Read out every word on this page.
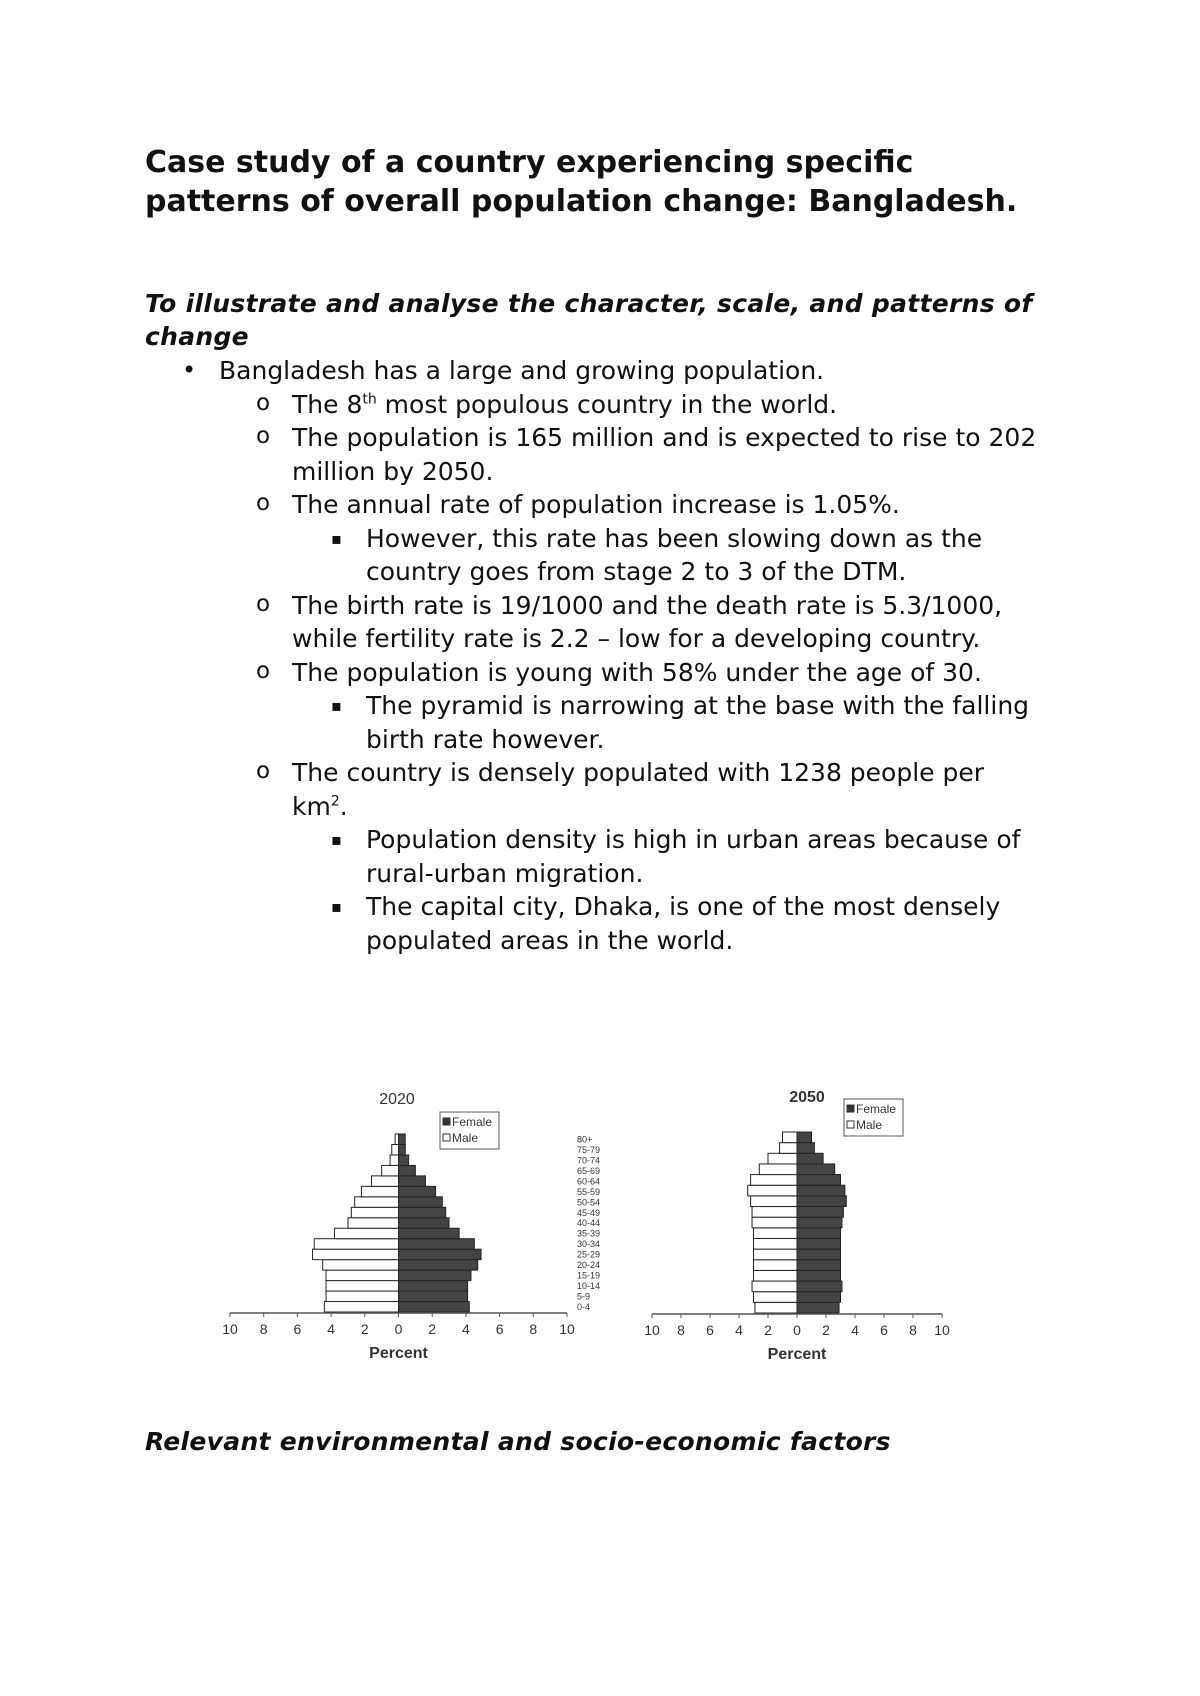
Case study of a country experiencing specific patterns of overall population change: Bangladesh.
To illustrate and analyse the character, scale, and patterns of change
• Bangladesh has a large and growing population.
o The 8th most populous country in the world.
o The population is 165 million and is expected to rise to 202 million by 2050.
o The annual rate of population increase is 1.05%.
▪ However, this rate has been slowing down as the country goes from stage 2 to 3 of the DTM.
o The birth rate is 19/1000 and the death rate is 5.3/1000, while fertility rate is 2.2 – low for a developing country.
o The population is young with 58% under the age of 30.
▪ The pyramid is narrowing at the base with the falling birth rate however.
o The country is densely populated with 1238 people per $km^2$.
▪ Population density is high in urban areas because of rural-urban migration.
▪ The capital city, Dhaka, is one of the most densely populated areas in the world.
10 8 6 4 2 0 2 4 6 8 10
Percent
2020
Female
Male	80+
75-79
70-74
65-69
60-64
55-59
50-54
45-49
40-44
35-39
30-34
25-29
20-24
15-19
10-14
5-9
0-4
10 8 6 4 2 0 2 4 6 8 10
Percent
2050
Female
Male
Relevant environmental and socio-economic factors
